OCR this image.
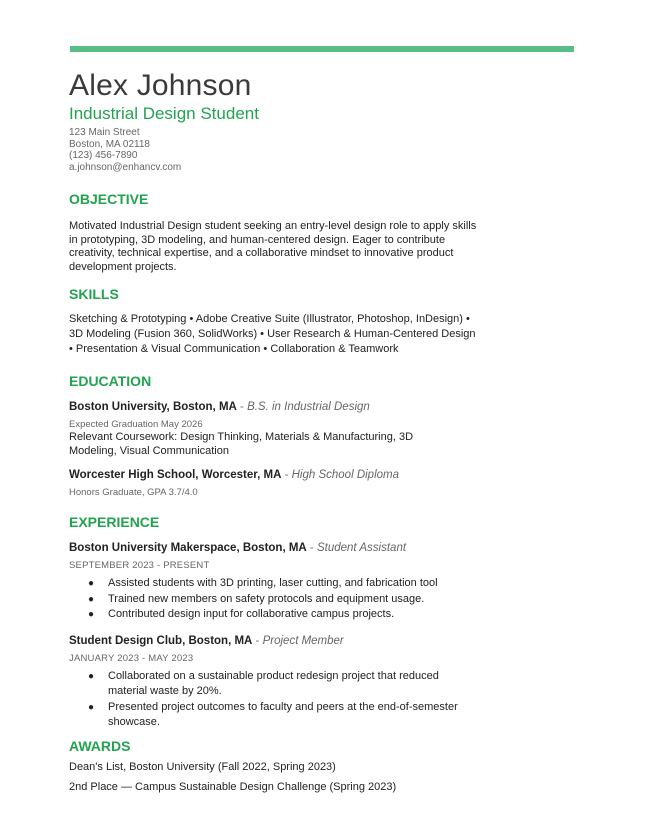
Alex Johnson
Industrial Design Student
123 Main Street
Boston, MA 02118
(123) 456-7890
a.johnson@enhancv.com
OBJECTIVE
Motivated Industrial Design student seeking an entry-level design role to apply skills in prototyping, 3D modeling, and human-centered design. Eager to contribute creativity, technical expertise, and a collaborative mindset to innovative product development projects.
SKILLS
Sketching & Prototyping • Adobe Creative Suite (Illustrator, Photoshop, InDesign) • 3D Modeling (Fusion 360, SolidWorks) • User Research & Human-Centered Design • Presentation & Visual Communication • Collaboration & Teamwork
EDUCATION
Boston University, Boston, MA - B.S. in Industrial Design
Expected Graduation May 2026
Relevant Coursework: Design Thinking, Materials & Manufacturing, 3D Modeling, Visual Communication
Worcester High School, Worcester, MA - High School Diploma
Honors Graduate, GPA 3.7/4.0
EXPERIENCE
Boston University Makerspace, Boston, MA - Student Assistant
SEPTEMBER 2023 - PRESENT
● Assisted students with 3D printing, laser cutting, and fabrication tool
● Trained new members on safety protocols and equipment usage.
● Contributed design input for collaborative campus projects.
Student Design Club, Boston, MA - Project Member
JANUARY 2023 - MAY 2023
● Collaborated on a sustainable product redesign project that reduced material waste by 20%.
● Presented project outcomes to faculty and peers at the end-of-semester showcase.
AWARDS
Dean's List, Boston University (Fall 2022, Spring 2023)
2nd Place — Campus Sustainable Design Challenge (Spring 2023)
